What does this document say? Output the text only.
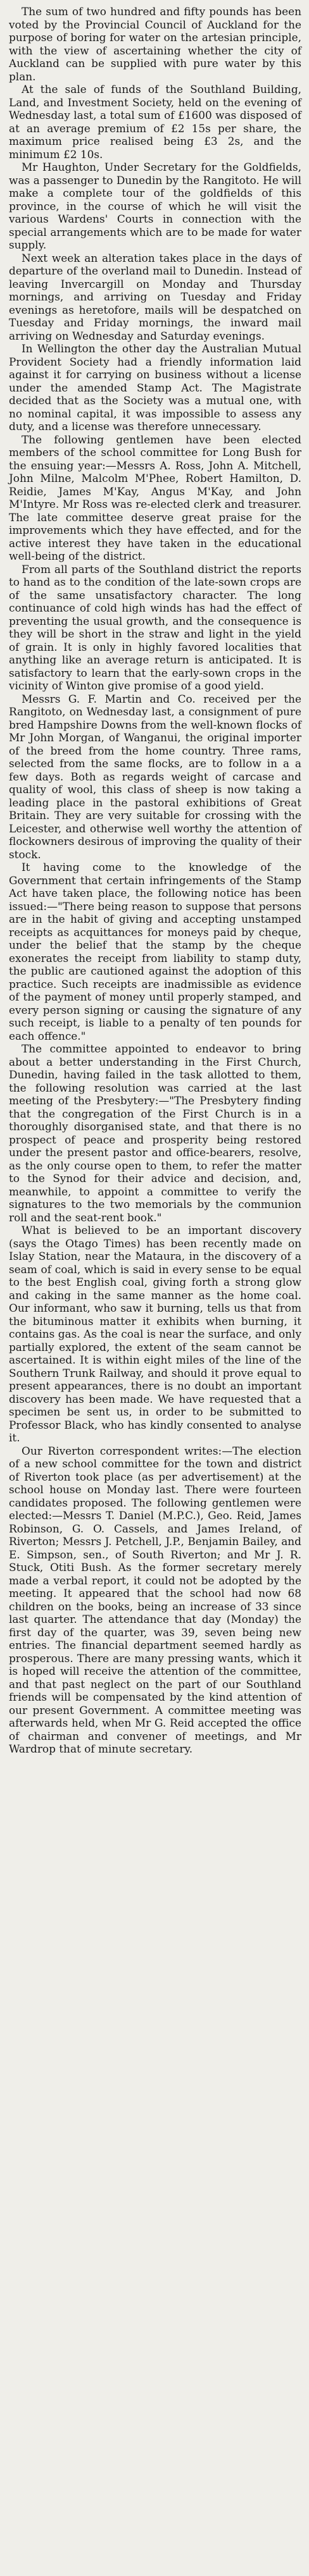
The sum of two hundred and fifty pounds has been voted by the Provincial Council of Auckland for the purpose of boring for water on the artesian principle, with the view of ascertaining whether the city of Auckland can be supplied with pure water by this plan.

At the sale of funds of the Southland Building, Land, and Investment Society, held on the evening of Wednesday last, a total sum of £1600 was disposed of at an average premium of £2 15s per share, the maximum price realised being £3 2s, and the minimum £2 10s.

Mr Haughton, Under Secretary for the Goldfields, was a passenger to Dunedin by the Rangitoto. He will make a complete tour of the goldfields of this province, in the course of which he will visit the various Wardens' Courts in connection with the special arrangements which are to be made for water supply.

Next week an alteration takes place in the days of departure of the overland mail to Dunedin. Instead of leaving Invercargill on Monday and Thursday mornings, and arriving on Tuesday and Friday evenings as heretofore, mails will be despatched on Tuesday and Friday mornings, the inward mail arriving on Wednesday and Saturday evenings.

In Wellington the other day the Australian Mutual Provident Society had a friendly information laid against it for carrying on business without a license under the amended Stamp Act. The Magistrate decided that as the Society was a mutual one, with no nominal capital, it was impossible to assess any duty, and a license was therefore unnecessary.

The following gentlemen have been elected members of the school committee for Long Bush for the ensuing year:—Messrs A. Ross, John A. Mitchell, John Milne, Malcolm M'Phee, Robert Hamilton, D. Reidie, James M'Kay, Angus M'Kay, and John M'Intyre. Mr Ross was re-elected clerk and treasurer. The late committee deserve great praise for the improvements which they have effected, and for the active interest they have taken in the educational well-being of the district.

From all parts of the Southland district the reports to hand as to the condition of the late-sown crops are of the same unsatisfactory character. The long continuance of cold high winds has had the effect of preventing the usual growth, and the consequence is they will be short in the straw and light in the yield of grain. It is only in highly favored localities that anything like an average return is anticipated. It is satisfactory to learn that the early-sown crops in the vicinity of Winton give promise of a good yield.

Messrs G. F. Martin and Co. received per the Rangitoto, on Wednesday last, a consignment of pure bred Hampshire Downs from the well-known flocks of Mr John Morgan, of Wanganui, the original importer of the breed from the home country. Three rams, selected from the same flocks, are to follow in a a few days. Both as regards weight of carcase and quality of wool, this class of sheep is now taking a leading place in the pastoral exhibitions of Great Britain. They are very suitable for crossing with the Leicester, and otherwise well worthy the attention of flockowners desirous of improving the quality of their stock.

It having come to the knowledge of the Government that certain infringements of the Stamp Act have taken place, the following notice has been issued:—"There being reason to suppose that persons are in the habit of giving and accepting unstamped receipts as acquittances for moneys paid by cheque, under the belief that the stamp by the cheque exonerates the receipt from liability to stamp duty, the public are cautioned against the adoption of this practice. Such receipts are inadmissible as evidence of the payment of money until properly stamped, and every person signing or causing the signature of any such receipt, is liable to a penalty of ten pounds for each offence."

The committee appointed to endeavor to bring about a better understanding in the First Church, Dunedin, having failed in the task allotted to them, the following resolution was carried at the last meeting of the Presbytery:—"The Presbytery finding that the congregation of the First Church is in a thoroughly disorganised state, and that there is no prospect of peace and prosperity being restored under the present pastor and office-bearers, resolve, as the only course open to them, to refer the matter to the Synod for their advice and decision, and, meanwhile, to appoint a committee to verify the signatures to the two memorials by the communion roll and the seat-rent book."

What is believed to be an important discovery (says the Otago Times) has been recently made on Islay Station, near the Mataura, in the discovery of a seam of coal, which is said in every sense to be equal to the best English coal, giving forth a strong glow and caking in the same manner as the home coal. Our informant, who saw it burning, tells us that from the bituminous matter it exhibits when burning, it contains gas. As the coal is near the surface, and only partially explored, the extent of the seam cannot be ascertained. It is within eight miles of the line of the Southern Trunk Railway, and should it prove equal to present appearances, there is no doubt an important discovery has been made. We have requested that a specimen be sent us, in order to be submitted to Professor Black, who has kindly consented to analyse it.

Our Riverton correspondent writes:—The election of a new school committee for the town and district of Riverton took place (as per advertisement) at the school house on Monday last. There were fourteen candidates proposed. The following gentlemen were elected:—Messrs T. Daniel (M.P.C.), Geo. Reid, James Robinson, G. O. Cassels, and James Ireland, of Riverton; Messrs J. Petchell, J.P., Benjamin Bailey, and E. Simpson, sen., of South Riverton; and Mr J. R. Stuck, Otiti Bush. As the former secretary merely made a verbal report, it could not be adopted by the meeting. It appeared that the school had now 68 children on the books, being an increase of 33 since last quarter. The attendance that day (Monday) the first day of the quarter, was 39, seven being new entries. The financial department seemed hardly as prosperous. There are many pressing wants, which it is hoped will receive the attention of the committee, and that past neglect on the part of our Southland friends will be compensated by the kind attention of our present Government. A committee meeting was afterwards held, when Mr G. Reid accepted the office of chairman and convener of meetings, and Mr Wardrop that of minute secretary.
